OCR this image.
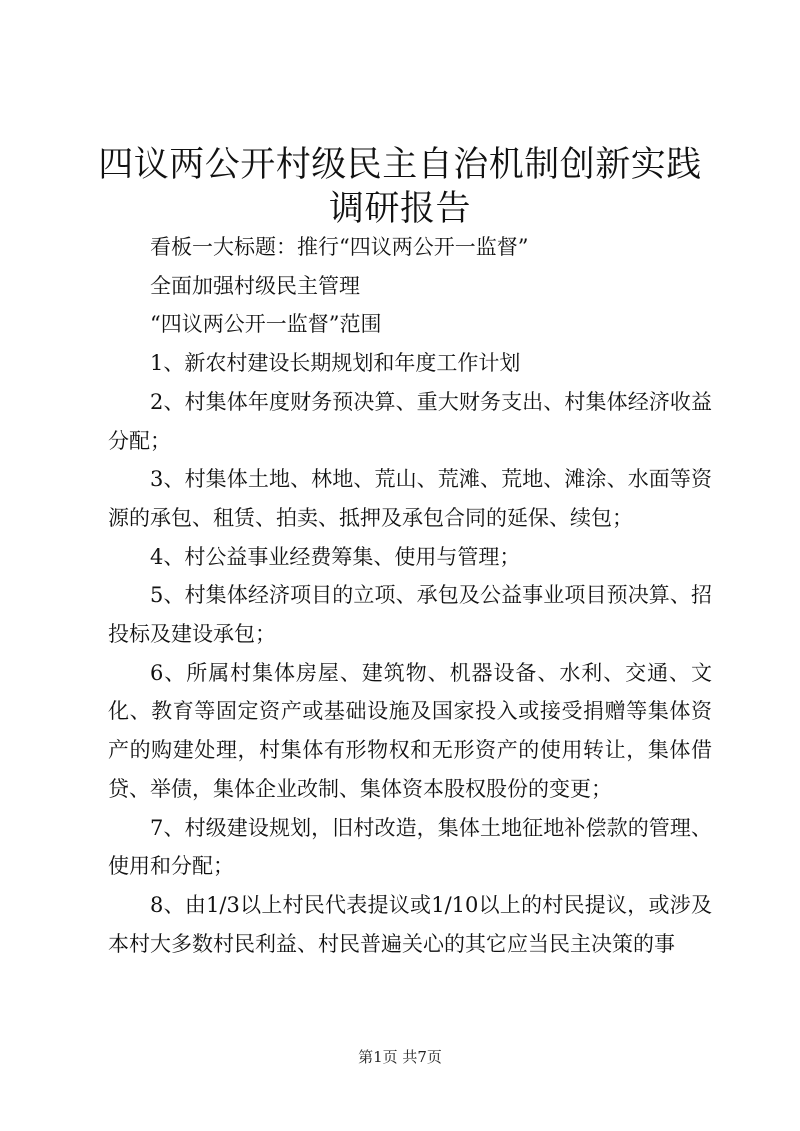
四议两公开村级民主自治机制创新实践调研报告

看板一大标题：推行“四议两公开一监督”

全面加强村级民主管理

“四议两公开一监督”范围

1、新农村建设长期规划和年度工作计划

2、村集体年度财务预决算、重大财务支出、村集体经济收益分配；

3、村集体土地、林地、荒山、荒滩、荒地、滩涂、水面等资源的承包、租赁、拍卖、抵押及承包合同的延保、续包；

4、村公益事业经费筹集、使用与管理；

5、村集体经济项目的立项、承包及公益事业项目预决算、招投标及建设承包；

6、所属村集体房屋、建筑物、机器设备、水利、交通、文化、教育等固定资产或基础设施及国家投入或接受捐赠等集体资产的购建处理，村集体有形物权和无形资产的使用转让，集体借贷、举债，集体企业改制、集体资本股权股份的变更；

7、村级建设规划，旧村改造，集体土地征地补偿款的管理、使用和分配；

8、由1/3以上村民代表提议或1/10以上的村民提议，或涉及本村大多数村民利益、村民普遍关心的其它应当民主决策的事

第1页 共7页
